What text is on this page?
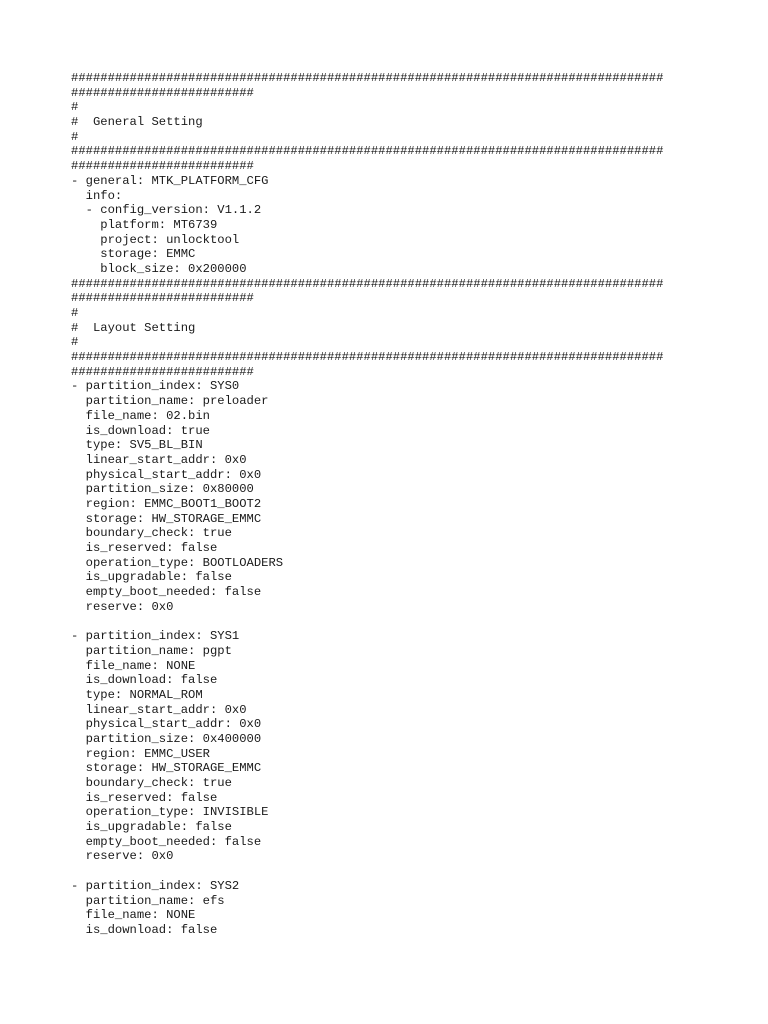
#################################################################################
#########################
#
#  General Setting
#
#################################################################################
#########################
- general: MTK_PLATFORM_CFG
info:
- config_version: V1.1.2
platform: MT6739
project: unlocktool
storage: EMMC
block_size: 0x200000
#################################################################################
#########################
#
#  Layout Setting
#
#################################################################################
#########################
- partition_index: SYS0
partition_name: preloader
file_name: 02.bin
is_download: true
type: SV5_BL_BIN
linear_start_addr: 0x0
physical_start_addr: 0x0
partition_size: 0x80000
region: EMMC_BOOT1_BOOT2
storage: HW_STORAGE_EMMC
boundary_check: true
is_reserved: false
operation_type: BOOTLOADERS
is_upgradable: false
empty_boot_needed: false
reserve: 0x0
- partition_index: SYS1
partition_name: pgpt
file_name: NONE
is_download: false
type: NORMAL_ROM
linear_start_addr: 0x0
physical_start_addr: 0x0
partition_size: 0x400000
region: EMMC_USER
storage: HW_STORAGE_EMMC
boundary_check: true
is_reserved: false
operation_type: INVISIBLE
is_upgradable: false
empty_boot_needed: false
reserve: 0x0
- partition_index: SYS2
partition_name: efs
file_name: NONE
is_download: false
